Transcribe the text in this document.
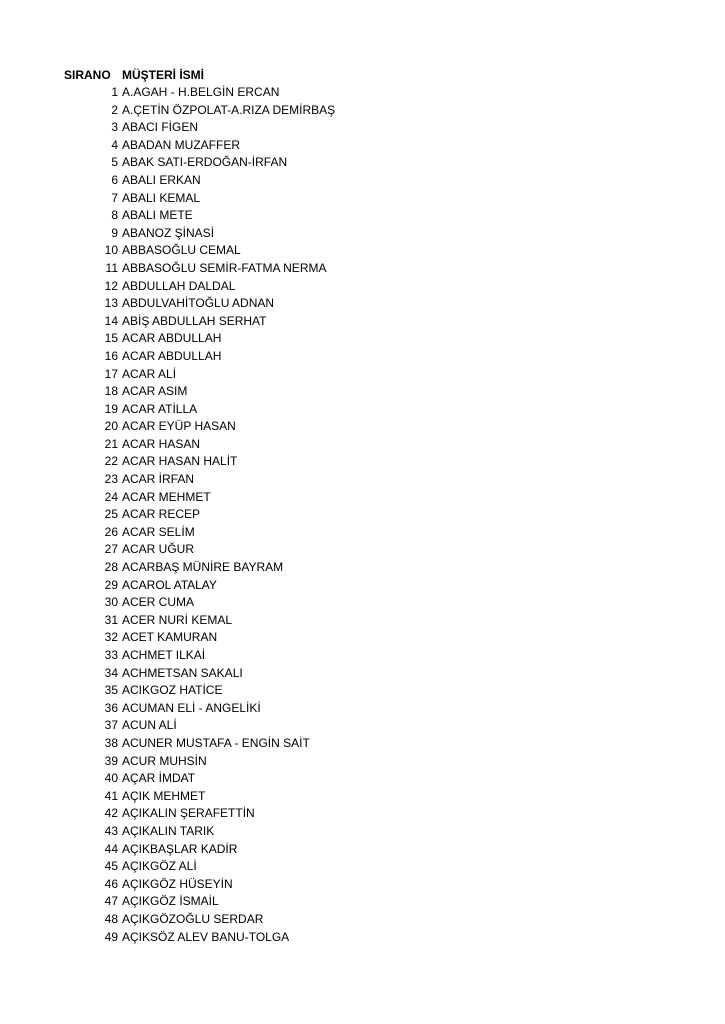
SIRANO MÜŞTERİ İSMİ
1 A.AGAH - H.BELGİN ERCAN
2 A.ÇETİN ÖZPOLAT-A.RIZA DEMİRBAŞ
3 ABACI FİGEN
4 ABADAN MUZAFFER
5 ABAK SATI-ERDOĞAN-İRFAN
6 ABALI ERKAN
7 ABALI KEMAL
8 ABALI METE
9 ABANOZ ŞİNASİ
10 ABBASOĞLU CEMAL
11 ABBASOĞLU SEMİR-FATMA NERMA
12 ABDULLAH DALDAL
13 ABDULVAHİTOĞLU ADNAN
14 ABİŞ ABDULLAH SERHAT
15 ACAR ABDULLAH
16 ACAR ABDULLAH
17 ACAR ALİ
18 ACAR ASIM
19 ACAR ATİLLA
20 ACAR EYÜP HASAN
21 ACAR HASAN
22 ACAR HASAN HALİT
23 ACAR İRFAN
24 ACAR MEHMET
25 ACAR RECEP
26 ACAR SELİM
27 ACAR UĞUR
28 ACARBAŞ MÜNİRE BAYRAM
29 ACAROL ATALAY
30 ACER CUMA
31 ACER NURİ KEMAL
32 ACET KAMURAN
33 ACHMET ILKAİ
34 ACHMETSAN SAKALI
35 ACIKGOZ HATİCE
36 ACUMAN ELİ - ANGELİKİ
37 ACUN ALİ
38 ACUNER MUSTAFA - ENGİN SAİT
39 ACUR MUHSİN
40 AÇAR İMDAT
41 AÇIK MEHMET
42 AÇIKALIN ŞERAFETTİN
43 AÇIKALIN TARIK
44 AÇIKBAŞLAR KADİR
45 AÇIKGÖZ ALİ
46 AÇIKGÖZ HÜSEYİN
47 AÇIKGÖZ İSMAİL
48 AÇIKGÖZOĞLU SERDAR
49 AÇIKSÖZ ALEV BANU-TOLGA
